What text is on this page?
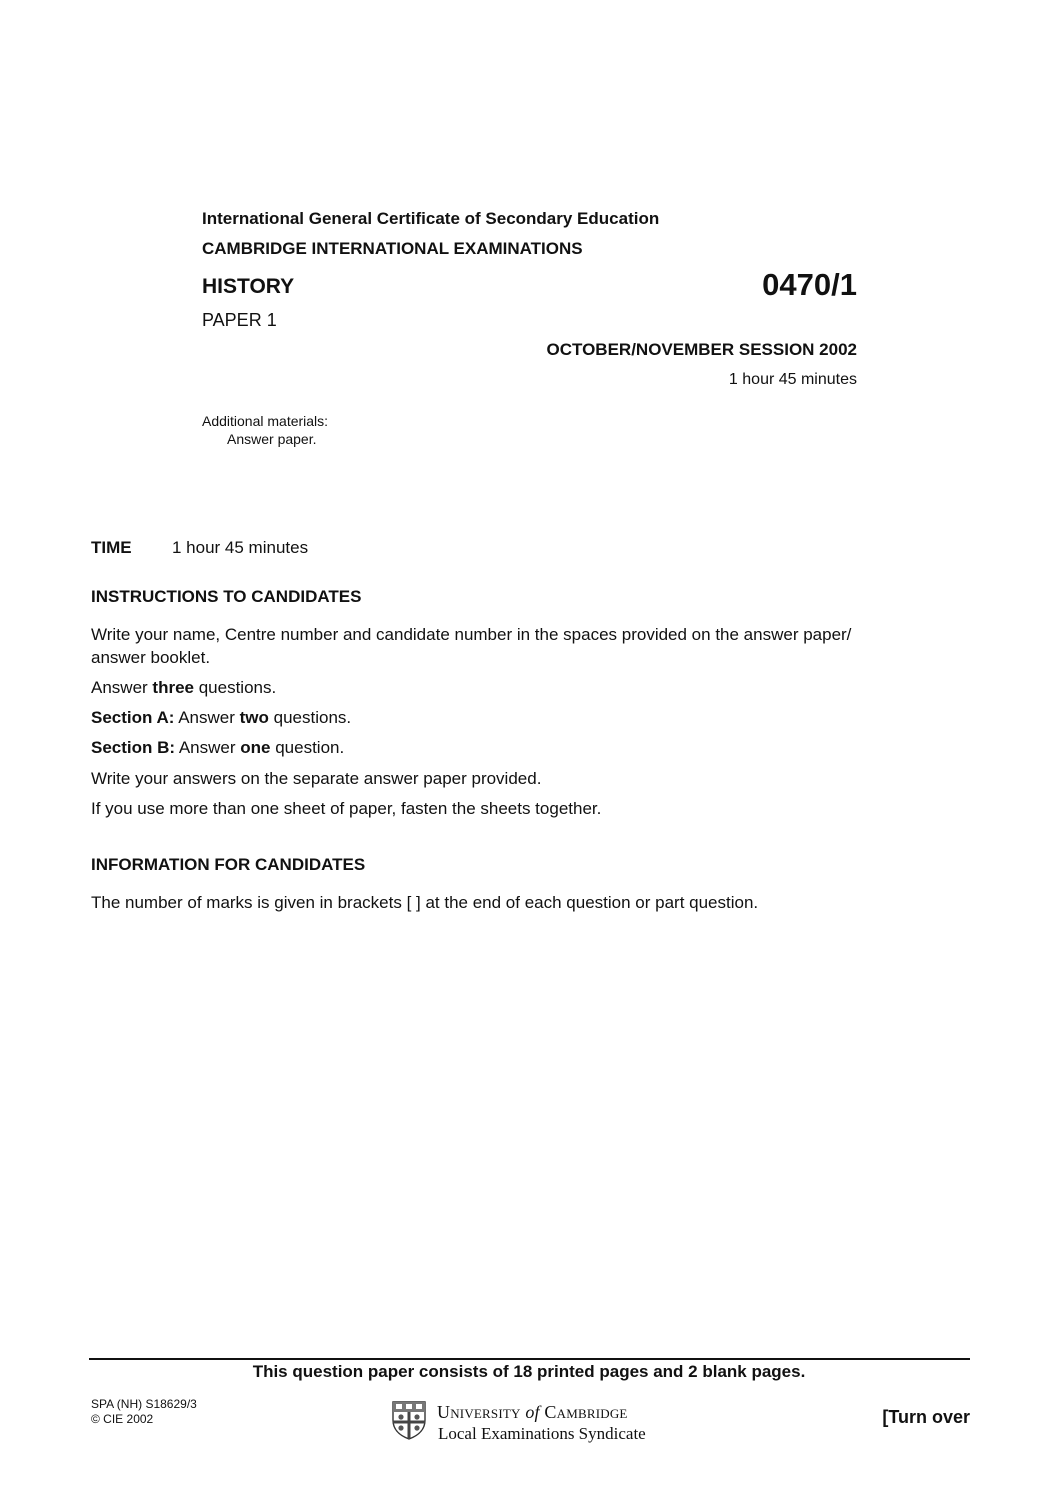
International General Certificate of Secondary Education
CAMBRIDGE INTERNATIONAL EXAMINATIONS
HISTORY	0470/1
PAPER 1
OCTOBER/NOVEMBER SESSION 2002
1 hour 45 minutes
Additional materials:
Answer paper.
TIME 1 hour 45 minutes
INSTRUCTIONS TO CANDIDATES
Write your name, Centre number and candidate number in the spaces provided on the answer paper/
answer booklet.
Answer three questions.
Section A: Answer two questions.
Section B: Answer one question.
Write your answers on the separate answer paper provided.
If you use more than one sheet of paper, fasten the sheets together.
INFORMATION FOR CANDIDATES
The number of marks is given in brackets [ ] at the end of each question or part question.
This question paper consists of 18 printed pages and 2 blank pages.
SPA (NH) S18629/3
© CIE 2002	UNIVERSITY of CAMBRIDGE
Local Examinations Syndicate
[Turn over
